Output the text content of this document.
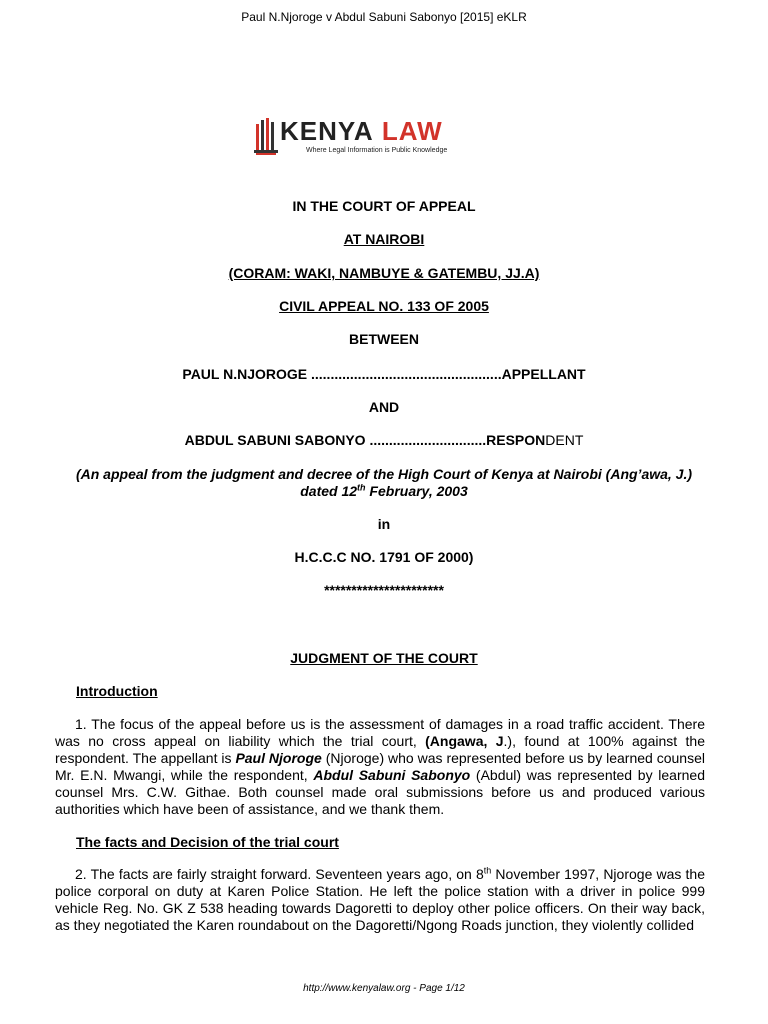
Paul N.Njoroge v Abdul Sabuni Sabonyo [2015] eKLR
KENYA LAW
Where Legal Information is Public Knowledge
IN THE COURT OF APPEAL
AT NAIROBI
(CORAM: WAKI, NAMBUYE & GATEMBU, JJ.A)
CIVIL APPEAL NO. 133 OF 2005
BETWEEN
PAUL N.NJOROGE .................................................APPELLANT
AND
ABDUL SABUNI SABONYO ..............................RESPONDENT
(An appeal from the judgment and decree of the High Court of Kenya at Nairobi (Ang’awa, J.)
dated 12th February, 2003
in
H.C.C.C NO. 1791 OF 2000)
**********************
JUDGMENT OF THE COURT
Introduction

1. The focus of the appeal before us is the assessment of damages in a road traffic accident. There was no cross appeal on liability which the trial court, (Angawa, J.), found at 100% against the respondent. The appellant is Paul Njoroge (Njoroge) who was represented before us by learned counsel Mr. E.N. Mwangi, while the respondent, Abdul Sabuni Sabonyo (Abdul) was represented by learned counsel Mrs. C.W. Githae. Both counsel made oral submissions before us and produced various authorities which have been of assistance, and we thank them.

The facts and Decision of the trial court

2. The facts are fairly straight forward. Seventeen years ago, on 8th November 1997, Njoroge was the police corporal on duty at Karen Police Station. He left the police station with a driver in police 999 vehicle Reg. No. GK Z 538 heading towards Dagoretti to deploy other police officers. On their way back, as they negotiated the Karen roundabout on the Dagoretti/Ngong Roads junction, they violently collided

http://www.kenyalaw.org - Page 1/12
